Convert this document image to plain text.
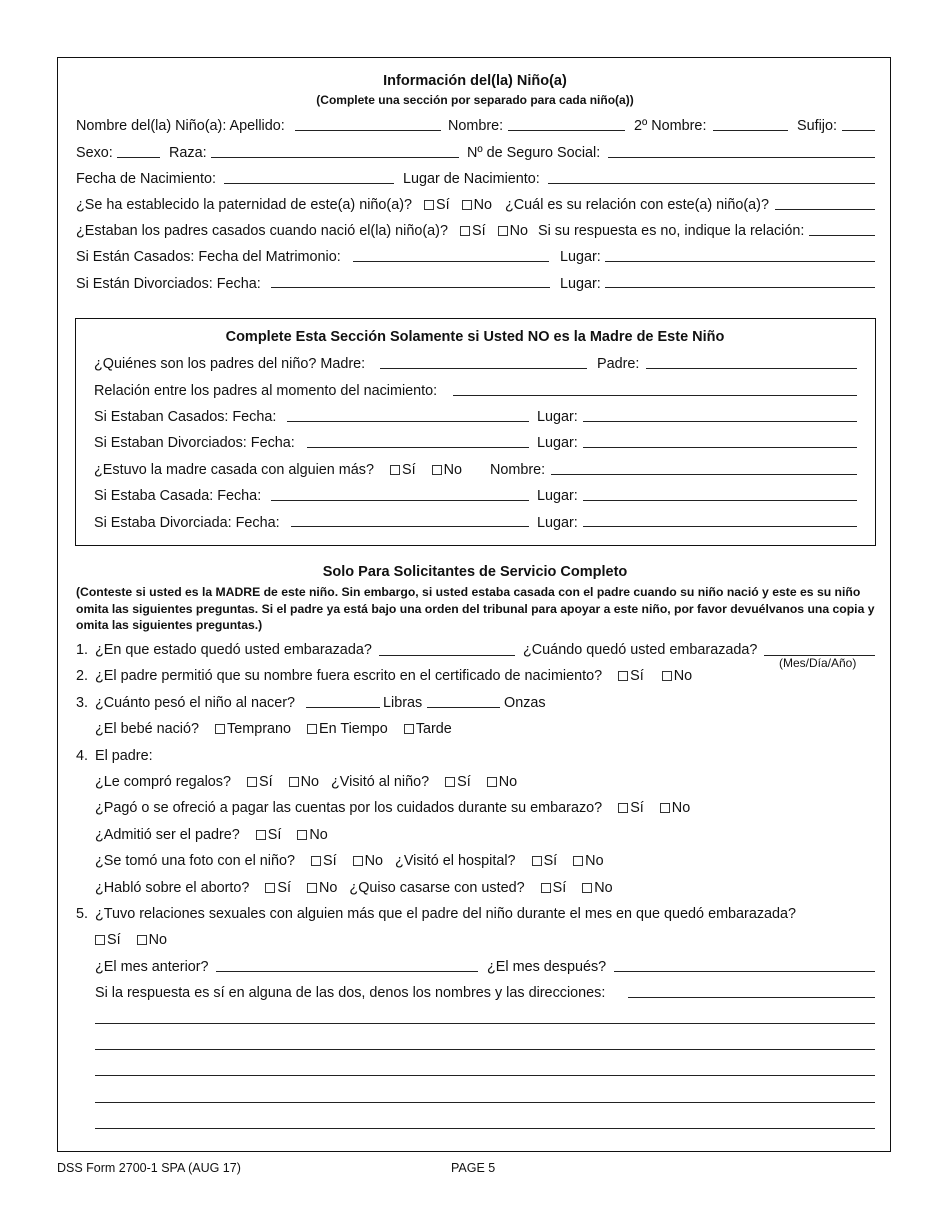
Información del(la) Niño(a)
(Complete una sección por separado para cada niño(a))
Nombre del(la) Niño(a): Apellido:	Nombre:	2º Nombre:	Sufijo:
Sexo:	Raza:	Nº de Seguro Social:
Fecha de Nacimiento:	Lugar de Nacimiento:
¿Se ha establecido la paternidad de este(a) niño(a)? Sí No ¿Cuál es su relación con este(a) niño(a)?
¿Estaban los padres casados cuando nació el(la) niño(a)? Sí No Si su respuesta es no, indique la relación:
Si Están Casados: Fecha del Matrimonio:	Lugar:
Si Están Divorciados: Fecha:	Lugar:
Complete Esta Sección Solamente si Usted NO es la Madre de Este Niño
¿Quiénes son los padres del niño? Madre:	Padre:
Relación entre los padres al momento del nacimiento:
Si Estaban Casados: Fecha:	Lugar:
Si Estaban Divorciados: Fecha:	Lugar:
¿Estuvo la madre casada con alguien más? Sí No Nombre:
Si Estaba Casada: Fecha:	Lugar:
Si Estaba Divorciada: Fecha:	Lugar:
Solo Para Solicitantes de Servicio Completo
(Conteste si usted es la MADRE de este niño. Sin embargo, si usted estaba casada con el padre cuando su niño nació y este es su niño omita las siguientes preguntas. Si el padre ya está bajo una orden del tribunal para apoyar a este niño, por favor devuélvanos una copia y omita las siguientes preguntas.)
1. ¿En que estado quedó usted embarazada?	¿Cuándo quedó usted embarazada?
(Mes/Día/Año)
2. ¿El padre permitió que su nombre fuera escrito en el certificado de nacimiento? Sí No
3. ¿Cuánto pesó el niño al nacer?	Libras	Onzas
¿El bebé nació? Temprano En Tiempo Tarde
4. El padre:
¿Le compró regalos? Sí No ¿Visitó al niño? Sí No
¿Pagó o se ofreció a pagar las cuentas por los cuidados durante su embarazo? Sí No
¿Admitió ser el padre? Sí No
¿Se tomó una foto con el niño? Sí No ¿Visitó el hospital? Sí No
¿Habló sobre el aborto? Sí No ¿Quiso casarse con usted? Sí No
5. ¿Tuvo relaciones sexuales con alguien más que el padre del niño durante el mes en que quedó embarazada?
Sí No
¿El mes anterior?	¿El mes después?
Si la respuesta es sí en alguna de las dos, denos los nombres y las direcciones:
DSS Form 2700-1 SPA (AUG 17)	PAGE 5
